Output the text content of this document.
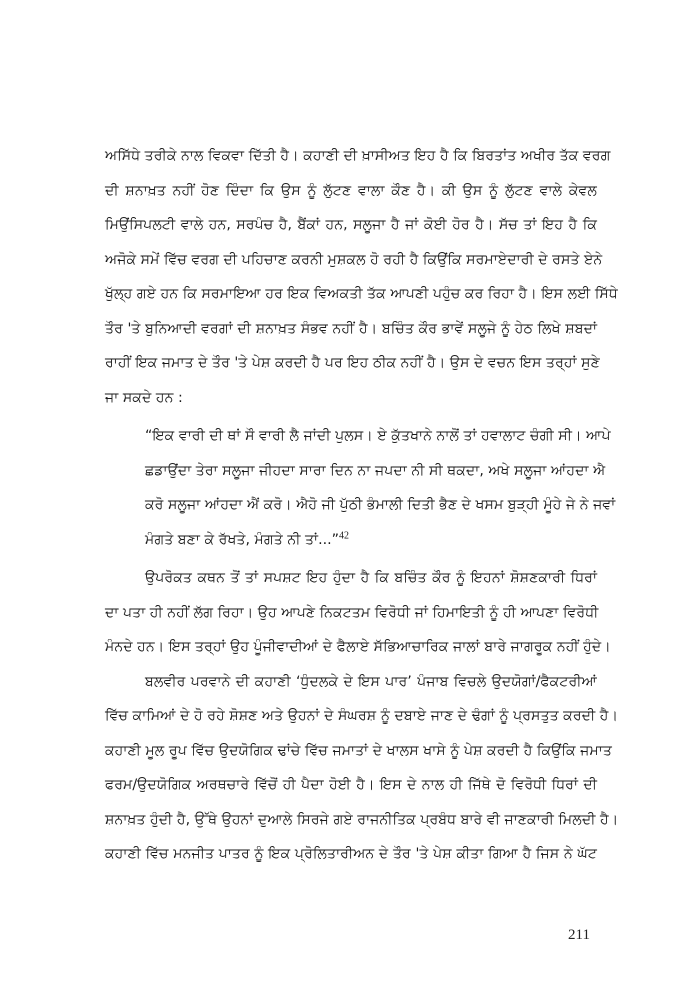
ਅਸਿੱਧੇ ਤਰੀਕੇ ਨਾਲ ਵਿਕਵਾ ਦਿੱਤੀ ਹੈ। ਕਹਾਣੀ ਦੀ ਖ਼ਾਸੀਅਤ ਇਹ ਹੈ ਕਿ ਬਿਰਤਾਂਤ ਅਖੀਰ ਤੱਕ ਵਰਗ
ਦੀ ਸ਼ਨਾਖ਼ਤ ਨਹੀਂ ਹੋਣ ਦਿੰਦਾ ਕਿ ਉਸ ਨੂੰ ਲੁੱਟਣ ਵਾਲਾ ਕੌਣ ਹੈ। ਕੀ ਉਸ ਨੂੰ ਲੁੱਟਣ ਵਾਲੇ ਕੇਵਲ
ਮਿਉਂਸਿਪਲਟੀ ਵਾਲੇ ਹਨ, ਸਰਪੰਚ ਹੈ, ਬੈਂਕਾਂ ਹਨ, ਸਲੂਜਾ ਹੈ ਜਾਂ ਕੋਈ ਹੋਰ ਹੈ। ਸੱਚ ਤਾਂ ਇਹ ਹੈ ਕਿ
ਅਜੋਕੇ ਸਮੇਂ ਵਿੱਚ ਵਰਗ ਦੀ ਪਹਿਚਾਣ ਕਰਨੀ ਮੁਸ਼ਕਲ ਹੋ ਰਹੀ ਹੈ ਕਿਉਂਕਿ ਸਰਮਾਏਦਾਰੀ ਦੇ ਰਸਤੇ ਏਨੇ
ਖੁੱਲ੍ਹ ਗਏ ਹਨ ਕਿ ਸਰਮਾਇਆ ਹਰ ਇਕ ਵਿਅਕਤੀ ਤੱਕ ਆਪਣੀ ਪਹੁੰਚ ਕਰ ਰਿਹਾ ਹੈ। ਇਸ ਲਈ ਸਿੱਧੇ
ਤੌਰ 'ਤੇ ਬੁਨਿਆਦੀ ਵਰਗਾਂ ਦੀ ਸ਼ਨਾਖ਼ਤ ਸੰਭਵ ਨਹੀਂ ਹੈ। ਬਚਿੰਤ ਕੌਰ ਭਾਵੇਂ ਸਲੂਜੇ ਨੂੰ ਹੇਠ ਲਿਖੇ ਸ਼ਬਦਾਂ
ਰਾਹੀਂ ਇਕ ਜਮਾਤ ਦੇ ਤੌਰ 'ਤੇ ਪੇਸ਼ ਕਰਦੀ ਹੈ ਪਰ ਇਹ ਠੀਕ ਨਹੀਂ ਹੈ। ਉਸ ਦੇ ਵਚਨ ਇਸ ਤਰ੍ਹਾਂ ਸੁਣੇ
ਜਾ ਸਕਦੇ ਹਨ :
“ਇਕ ਵਾਰੀ ਦੀ ਥਾਂ ਸੌ ਵਾਰੀ ਲੈ ਜਾਂਦੀ ਪੁਲਸ। ਏ ਕੁੱਤਖਾਨੇ ਨਾਲੋਂ ਤਾਂ ਹਵਾਲਾਟ ਚੰਗੀ ਸੀ। ਆਪੇ
ਛਡਾਉਂਦਾ ਤੇਰਾ ਸਲੂਜਾ ਜੀਹਦਾ ਸਾਰਾ ਦਿਨ ਨਾ ਜਪਦਾ ਨੀ ਸੀ ਥਕਦਾ, ਅਖੇ ਸਲੂਜਾ ਆਂਹਦਾ ਐ
ਕਰੋ ਸਲੂਜਾ ਆਂਹਦਾ ਐਂ ਕਰੋ। ਐਹੋ ਜੀ ਪੁੱਠੀ ਭੰਮਾਲੀ ਦਿਤੀ ਭੈਣ ਦੇ ਖਸਮ ਬੁੜ੍ਹੀ ਮੂੰਹੇ ਜੇ ਨੇ ਜਵਾਂ
ਮੰਗਤੇ ਬਣਾ ਕੇ ਰੱਖਤੇ, ਮੰਗਤੇ ਨੀ ਤਾਂ...”$^{42}$
ਉਪਰੋਕਤ ਕਥਨ ਤੋਂ ਤਾਂ ਸਪਸ਼ਟ ਇਹ ਹੁੰਦਾ ਹੈ ਕਿ ਬਚਿੰਤ ਕੌਰ ਨੂੰ ਇਹਨਾਂ ਸ਼ੋਸ਼ਣਕਾਰੀ ਧਿਰਾਂ
ਦਾ ਪਤਾ ਹੀ ਨਹੀਂ ਲੱਗ ਰਿਹਾ। ਉਹ ਆਪਣੇ ਨਿਕਟਤਮ ਵਿਰੋਧੀ ਜਾਂ ਹਿਮਾਇਤੀ ਨੂੰ ਹੀ ਆਪਣਾ ਵਿਰੋਧੀ
ਮੰਨਦੇ ਹਨ। ਇਸ ਤਰ੍ਹਾਂ ਉਹ ਪੂੰਜੀਵਾਦੀਆਂ ਦੇ ਫੈਲਾਏ ਸੱਭਿਆਚਾਰਿਕ ਜਾਲਾਂ ਬਾਰੇ ਜਾਗਰੂਕ ਨਹੀਂ ਹੁੰਦੇ।
ਬਲਵੀਰ ਪਰਵਾਨੇ ਦੀ ਕਹਾਣੀ ‘ਧੁੰਦਲਕੇ ਦੇ ਇਸ ਪਾਰ’ ਪੰਜਾਬ ਵਿਚਲੇ ਉਦਯੋਗਾਂ/ਫੈਕਟਰੀਆਂ
ਵਿੱਚ ਕਾਮਿਆਂ ਦੇ ਹੋ ਰਹੇ ਸ਼ੋਸ਼ਣ ਅਤੇ ਉਹਨਾਂ ਦੇ ਸੰਘਰਸ਼ ਨੂੰ ਦਬਾਏ ਜਾਣ ਦੇ ਢੰਗਾਂ ਨੂੰ ਪ੍ਰਸਤੁਤ ਕਰਦੀ ਹੈ।
ਕਹਾਣੀ ਮੂਲ ਰੂਪ ਵਿੱਚ ਉਦਯੋਗਿਕ ਢਾਂਚੇ ਵਿੱਚ ਜਮਾਤਾਂ ਦੇ ਖਾਲਸ ਖਾਸੇ ਨੂੰ ਪੇਸ਼ ਕਰਦੀ ਹੈ ਕਿਉਂਕਿ ਜਮਾਤ
ਫਰਮ/ਉਦਯੋਗਿਕ ਅਰਥਚਾਰੇ ਵਿੱਚੋਂ ਹੀ ਪੈਦਾ ਹੋਈ ਹੈ। ਇਸ ਦੇ ਨਾਲ ਹੀ ਜਿੱਥੇ ਦੋ ਵਿਰੋਧੀ ਧਿਰਾਂ ਦੀ
ਸ਼ਨਾਖ਼ਤ ਹੁੰਦੀ ਹੈ, ਉੱਥੇ ਉਹਨਾਂ ਦੁਆਲੇ ਸਿਰਜੇ ਗਏ ਰਾਜਨੀਤਿਕ ਪ੍ਰਬੰਧ ਬਾਰੇ ਵੀ ਜਾਣਕਾਰੀ ਮਿਲਦੀ ਹੈ।
ਕਹਾਣੀ ਵਿੱਚ ਮਨਜੀਤ ਪਾਤਰ ਨੂੰ ਇਕ ਪ੍ਰੋਲਿਤਾਰੀਅਨ ਦੇ ਤੌਰ 'ਤੇ ਪੇਸ਼ ਕੀਤਾ ਗਿਆ ਹੈ ਜਿਸ ਨੇ ਘੱਟ
211
